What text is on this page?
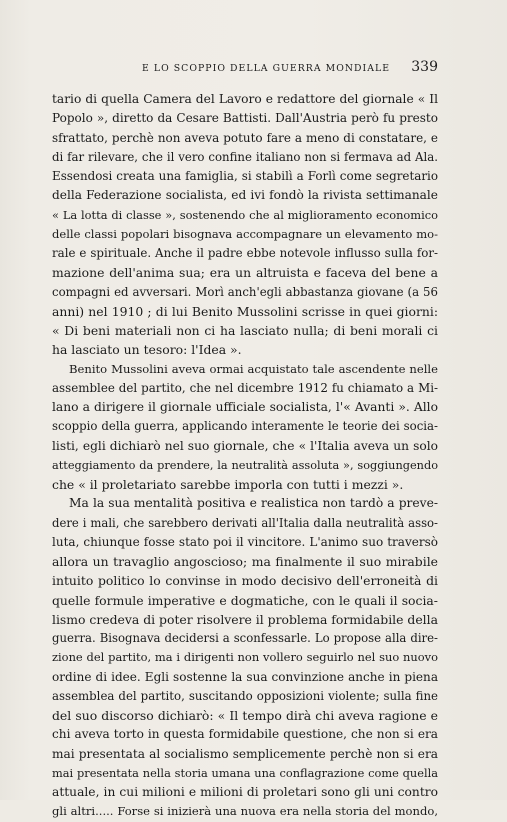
E LO SCOPPIO DELLA GUERRA MONDIALE 339
tario di quella Camera del Lavoro e redattore del giornale « Il
Popolo », diretto da Cesare Battisti. Dall'Austria però fu presto
sfrattato, perchè non aveva potuto fare a meno di constatare, e
di far rilevare, che il vero confine italiano non si fermava ad Ala.
Essendosi creata una famiglia, si stabilì a Forlì come segretario
della Federazione socialista, ed ivi fondò la rivista settimanale
« La lotta di classe », sostenendo che al miglioramento economico
delle classi popolari bisognava accompagnare un elevamento mo-
rale e spirituale. Anche il padre ebbe notevole influsso sulla for-
mazione dell'anima sua; era un altruista e faceva del bene a
compagni ed avversari. Morì anch'egli abbastanza giovane (a 56
anni) nel 1910 ; di lui Benito Mussolini scrisse in quei giorni:
« Di beni materiali non ci ha lasciato nulla; di beni morali ci
ha lasciato un tesoro: l'Idea ».
Benito Mussolini aveva ormai acquistato tale ascendente nelle
assemblee del partito, che nel dicembre 1912 fu chiamato a Mi-
lano a dirigere il giornale ufficiale socialista, l'« Avanti ». Allo
scoppio della guerra, applicando interamente le teorie dei socia-
listi, egli dichiarò nel suo giornale, che « l'Italia aveva un solo
atteggiamento da prendere, la neutralità assoluta », soggiungendo
che « il proletariato sarebbe imporla con tutti i mezzi ».
Ma la sua mentalità positiva e realistica non tardò a preve-
dere i mali, che sarebbero derivati all'Italia dalla neutralità asso-
luta, chiunque fosse stato poi il vincitore. L'animo suo traversò
allora un travaglio angoscioso; ma finalmente il suo mirabile
intuito politico lo convinse in modo decisivo dell'erroneità di
quelle formule imperative e dogmatiche, con le quali il socia-
lismo credeva di poter risolvere il problema formidabile della
guerra. Bisognava decidersi a sconfessarle. Lo propose alla dire-
zione del partito, ma i dirigenti non vollero seguirlo nel suo nuovo
ordine di idee. Egli sostenne la sua convinzione anche in piena
assemblea del partito, suscitando opposizioni violente; sulla fine
del suo discorso dichiarò: « Il tempo dirà chi aveva ragione e
chi aveva torto in questa formidabile questione, che non si era
mai presentata al socialismo semplicemente perchè non si era
mai presentata nella storia umana una conflagrazione come quella
attuale, in cui milioni e milioni di proletari sono gli uni contro
gli altri..... Forse si inizierà una nuova era nella storia del mondo,
